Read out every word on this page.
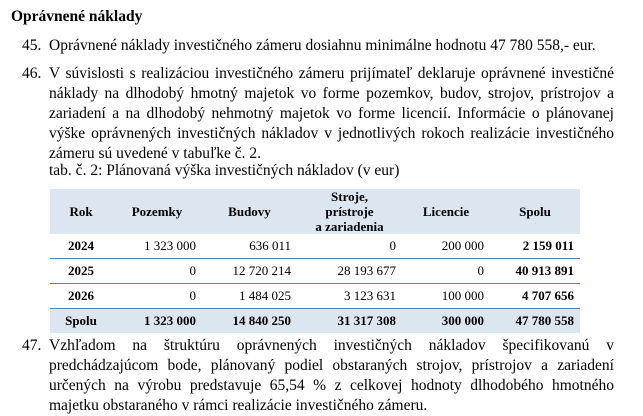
Oprávnené náklady
45. Oprávnené náklady investičného zámeru dosiahnu minimálne hodnotu 47 780 558,- eur.
46. V súvislosti s realizáciou investičného zámeru prijímateľ deklaruje oprávnené investičné náklady na dlhodobý hmotný majetok vo forme pozemkov, budov, strojov, prístrojov a zariadení a na dlhodobý nehmotný majetok vo forme licencií. Informácie o plánovanej výške oprávnených investičných nákladov v jednotlivých rokoch realizácie investičného zámeru sú uvedené v tabuľke č. 2.
tab. č. 2: Plánovaná výška investičných nákladov (v eur)
Rok	Pozemky	Budovy	Stroje,
prístroje
a zariadenia	Licencie	Spolu
2024	1 323 000	636 011	0	200 000	2 159 011
2025	0	12 720 214	28 193 677	0	40 913 891
2026	0	1 484 025	3 123 631	100 000	4 707 656
Spolu	1 323 000	14 840 250	31 317 308	300 000	47 780 558
47. Vzhľadom na štruktúru oprávnených investičných nákladov špecifikovanú v predchádzajúcom bode, plánovaný podiel obstaraných strojov, prístrojov a zariadení určených na výrobu predstavuje 65,54 % z celkovej hodnoty dlhodobého hmotného majetku obstaraného v rámci realizácie investičného zámeru.
